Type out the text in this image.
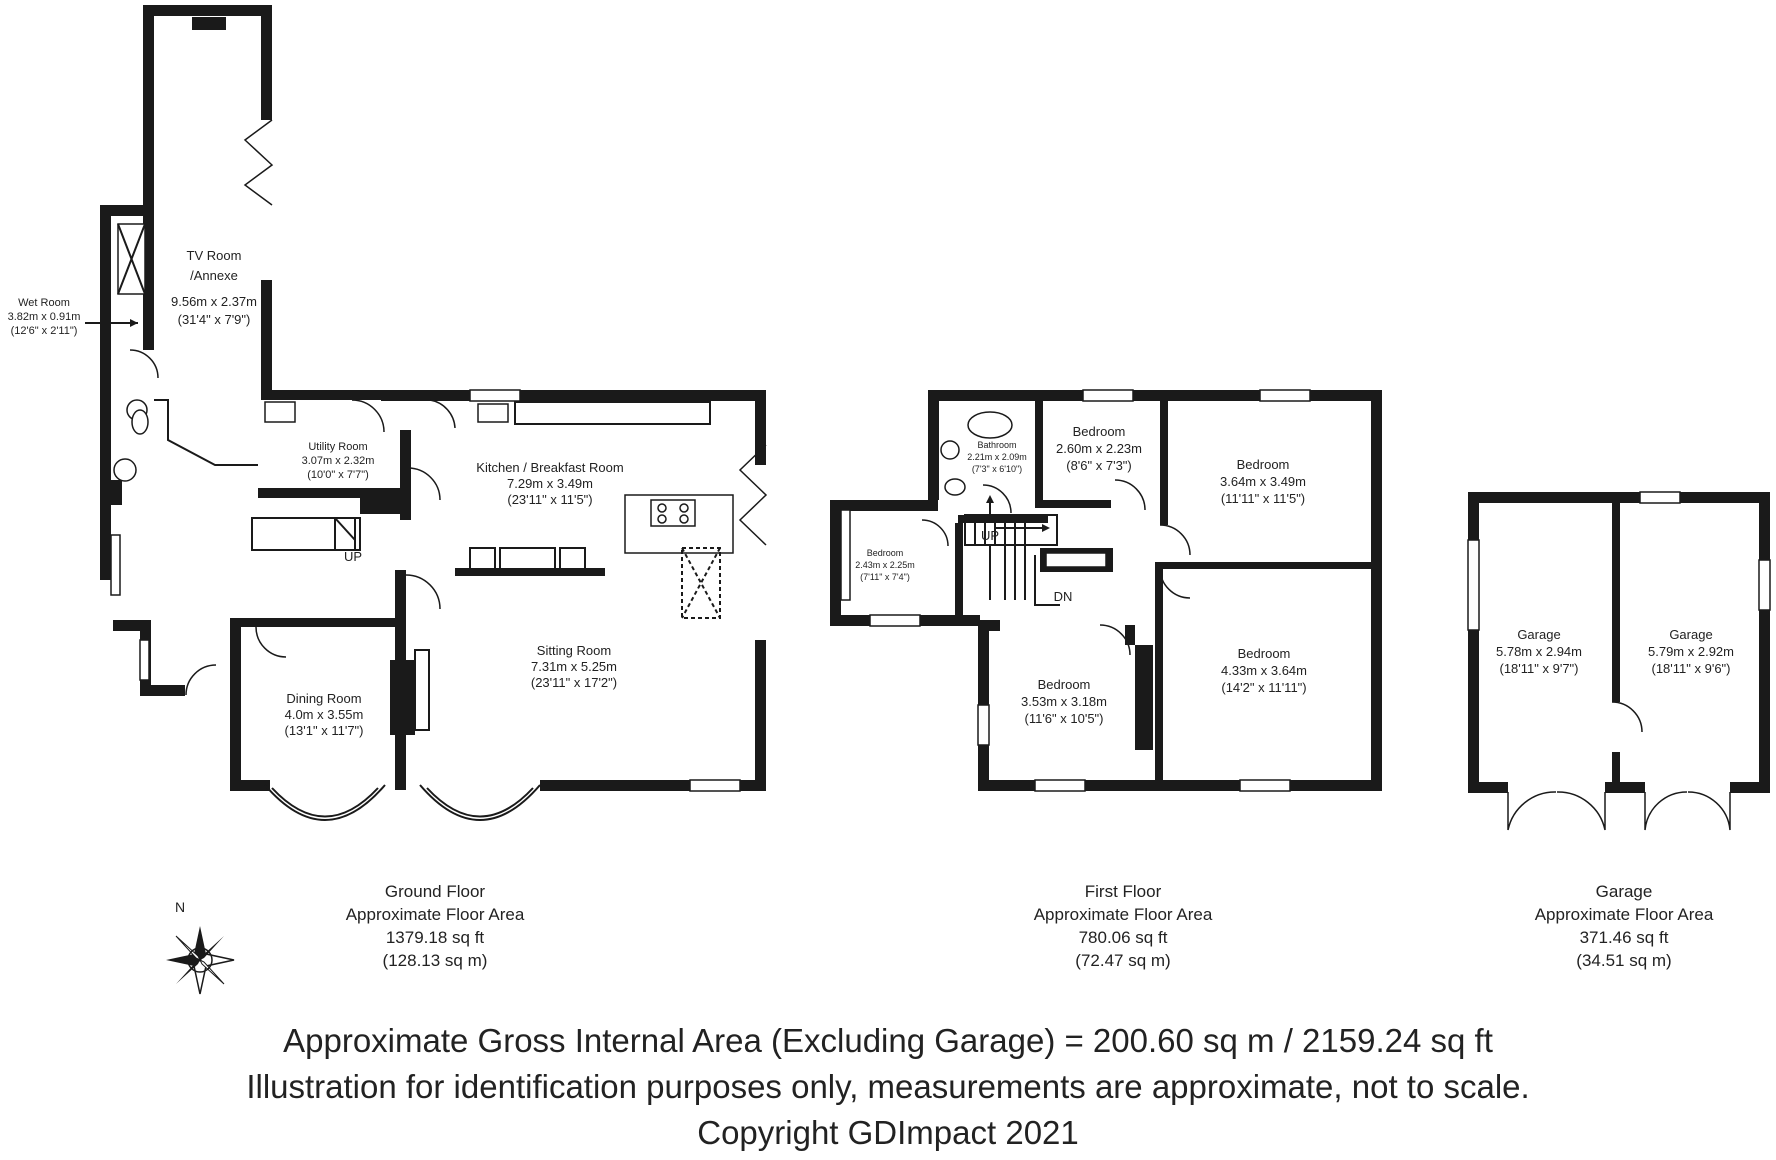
TV Room
/Annexe
9.56m x 2.37m
(31'4" x 7'9")
Wet Room
3.82m x 0.91m
(12'6" x 2'11")
Utility Room
3.07m x 2.32m
(10'0" x 7'7")
UP
Kitchen / Breakfast Room
7.29m x 3.49m
(23'11" x 11'5")
Sitting Room
7.31m x 5.25m
(23'11" x 17'2")
Dining Room
4.0m x 3.55m
(13'1" x 11'7")
UP
DN
Bathroom
2.21m x 2.09m
(7'3" x 6'10")
Bedroom
2.60m x 2.23m
(8'6" x 7'3")	Bedroom
3.64m x 3.49m
(11'11" x 11'5")
Bedroom
2.43m x 2.25m
(7'11" x 7'4")
Bedroom
3.53m x 3.18m
(11'6" x 10'5")
Bedroom
4.33m x 3.64m
(14'2" x 11'11")
Garage
5.78m x 2.94m
(18'11" x 9'7")
Garage
5.79m x 2.92m
(18'11" x 9'6")
Ground Floor
Approximate Floor Area
1379.18 sq ft
(128.13 sq m)
First Floor
Approximate Floor Area
780.06 sq ft
(72.47 sq m)
Garage
Approximate Floor Area
371.46 sq ft
(34.51 sq m)
N
Approximate Gross Internal Area (Excluding Garage) = 200.60 sq m / 2159.24 sq ft
Illustration for identification purposes only, measurements are approximate, not to scale.
Copyright GDImpact 2021
